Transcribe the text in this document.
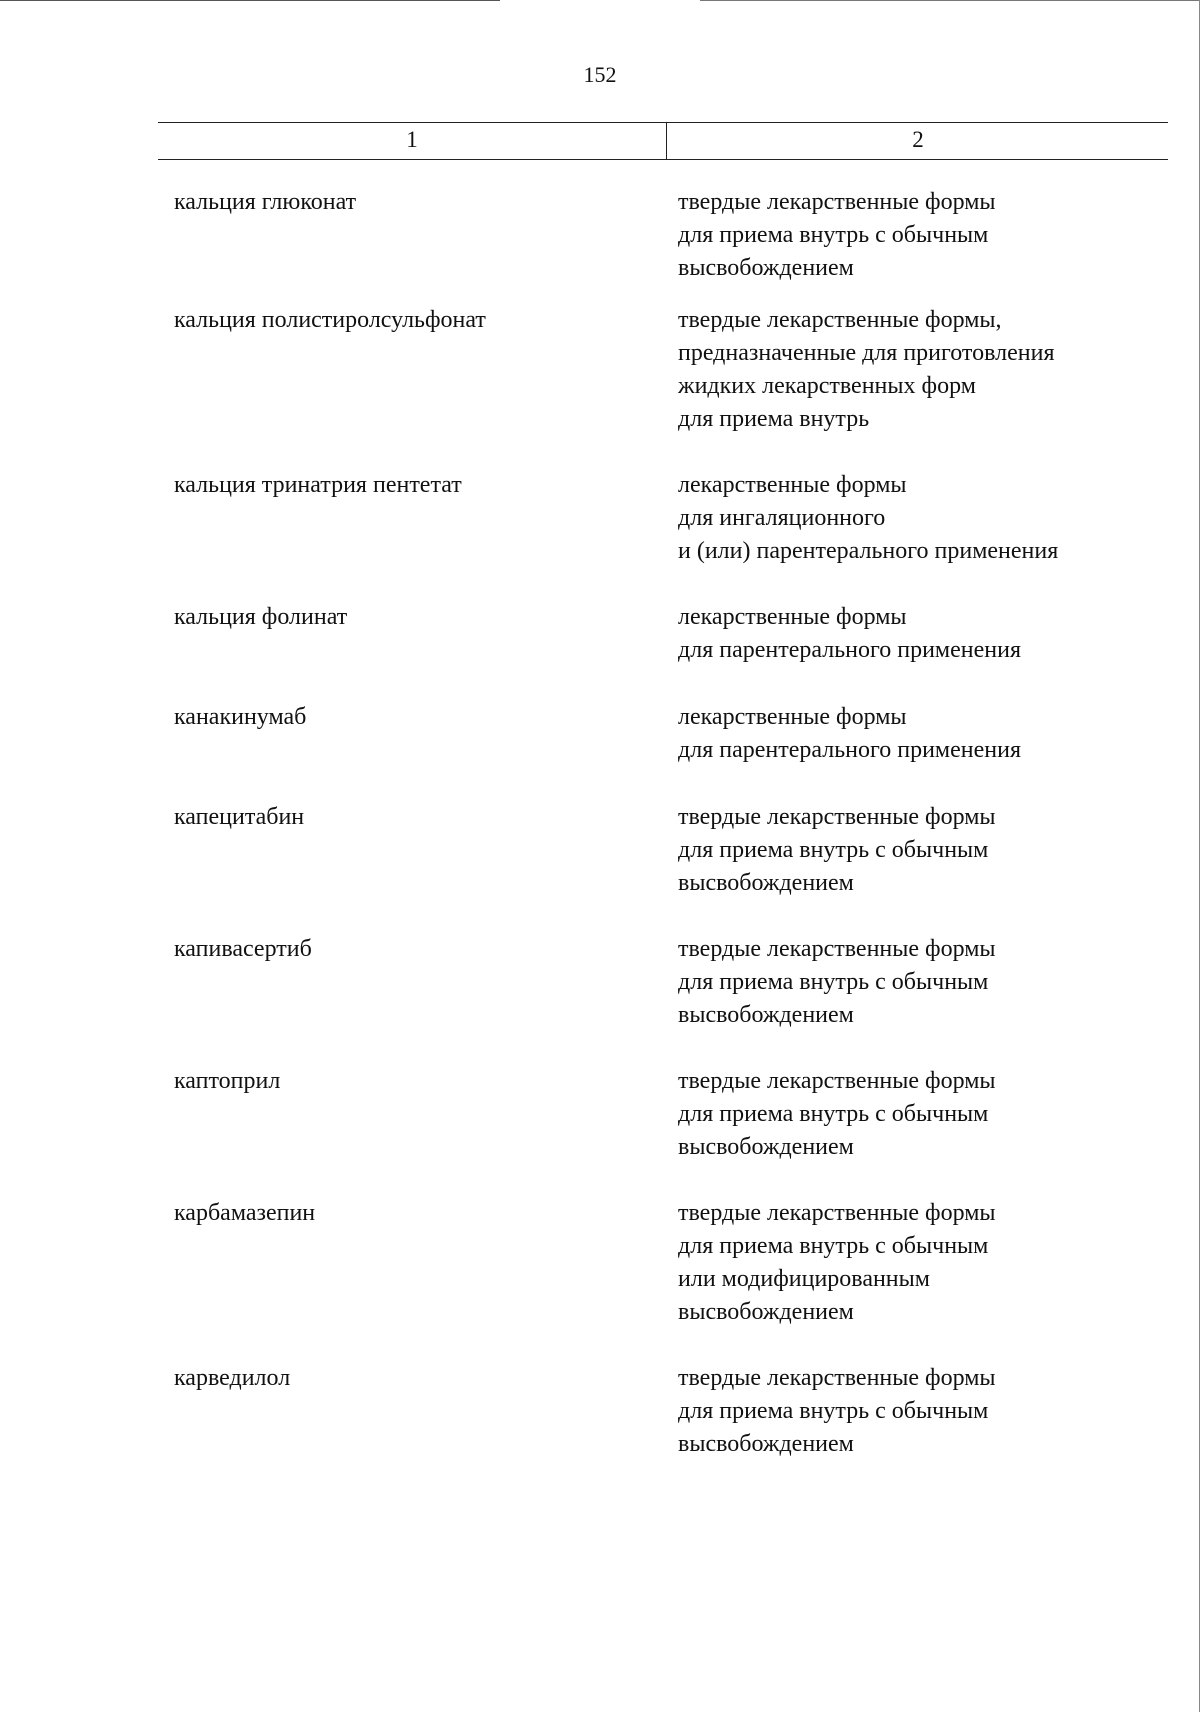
152
1	2
кальция глюконат	твердые лекарственные формы
для приема внутрь с обычным
высвобождением
кальция полистиролсульфонат	твердые лекарственные формы,
предназначенные для приготовления
жидких лекарственных форм
для приема внутрь
кальция тринатрия пентетат	лекарственные формы
для ингаляционного
и (или) парентерального применения
кальция фолинат	лекарственные формы
для парентерального применения
канакинумаб	лекарственные формы
для парентерального применения
капецитабин	твердые лекарственные формы
для приема внутрь с обычным
высвобождением
капивасертиб	твердые лекарственные формы
для приема внутрь с обычным
высвобождением
каптоприл	твердые лекарственные формы
для приема внутрь с обычным
высвобождением
карбамазепин	твердые лекарственные формы
для приема внутрь с обычным
или модифицированным
высвобождением
карведилол	твердые лекарственные формы
для приема внутрь с обычным
высвобождением
